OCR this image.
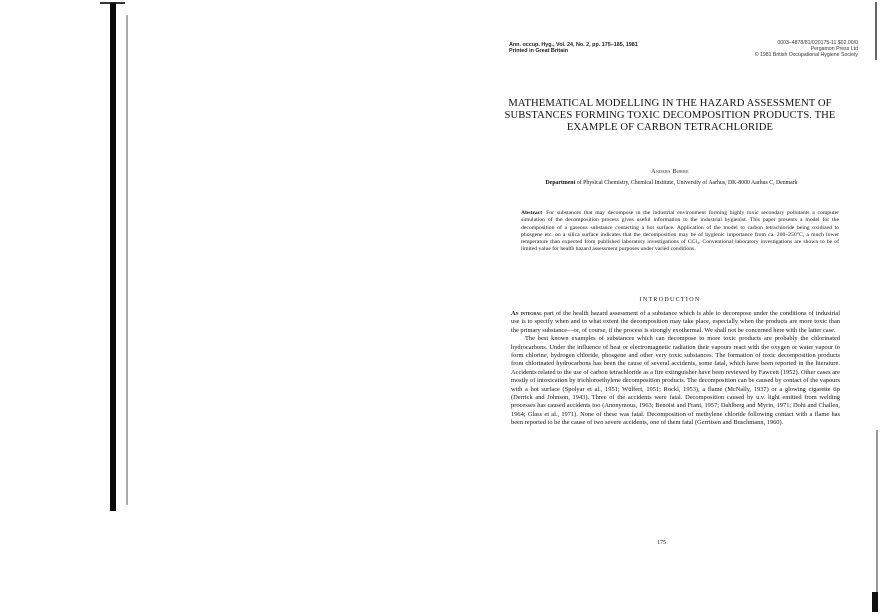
Ann. occup. Hyg., Vol. 24, No. 2, pp. 175–185, 1981
Printed in Great Britain
0003–4878/81/020175-11 $02.00/0
Pergamon Press Ltd
© 1981 British Occupational Hygiene Society
MATHEMATICAL MODELLING IN THE HAZARD ASSESSMENT OF SUBSTANCES FORMING TOXIC DECOMPOSITION PRODUCTS. THE EXAMPLE OF CARBON TETRACHLORIDE
Anders Børre
Department of Physical Chemistry, Chemical Institute, University of Aarhus, DK-8000 Aarhus C, Denmark
Abstract For substances that may decompose in the industrial environment forming highly toxic secondary pollutants a computer simulation of the decomposition process gives useful information to the industrial hygienist. This paper presents a model for the decomposition of a gaseous substance contacting a hot surface. Application of the model to carbon tetrachloride being oxidized to phosgene etc. on a silica surface indicates that the decomposition may be of hygienic importance from ca. 200–250°C, a much lower temperature than expected from published laboratory investigations of CCl₄. Conventional laboratory investigations are shown to be of limited value for health hazard assessment purposes under varied conditions.
INTRODUCTION

An integral part of the health hazard assessment of a substance which is able to decompose under the conditions of industrial use is to specify when and to what extent the decomposition may take place, especially when the products are more toxic than the primary substance—or, of course, if the process is strongly exothermal. We shall not be concerned here with the latter case.

The best known examples of substances which can decompose to more toxic products are probably the chlorinated hydrocarbons. Under the influence of heat or electromagnetic radiation their vapours react with the oxygen or water vapour to form chlorine, hydrogen chloride, phosgene and other very toxic substances. The formation of toxic decomposition products from chlorinated hydrocarbons has been the cause of several accidents, some fatal, which have been reported in the literature. Accidents related to the use of carbon tetrachloride as a fire extinguisher have been reviewed by Fawcett (1952). Other cases are mostly of intoxication by trichloroethylene decomposition products. The decomposition can be caused by contact of the vapours with a hot surface (Spolyar et al., 1951; Wülfert, 1951; Rockl, 1953), a flame (McNally, 1937) or a glowing cigarette tip (Derrick and Johnson, 1943). Three of the accidents were fatal. Decomposition caused by u.v. light emitted from welding processes has caused accidents too (Anonymous, 1963; Benoist and Frant, 1957; Dahlberg and Myrin, 1971; Dohi and Challen, 1964; Glass et al., 1971). None of these was fatal. Decomposition of methylene chloride following contact with a flame has been reported to be the cause of two severe accidents, one of them fatal (Gerritsen and Buschmann, 1960).

175
